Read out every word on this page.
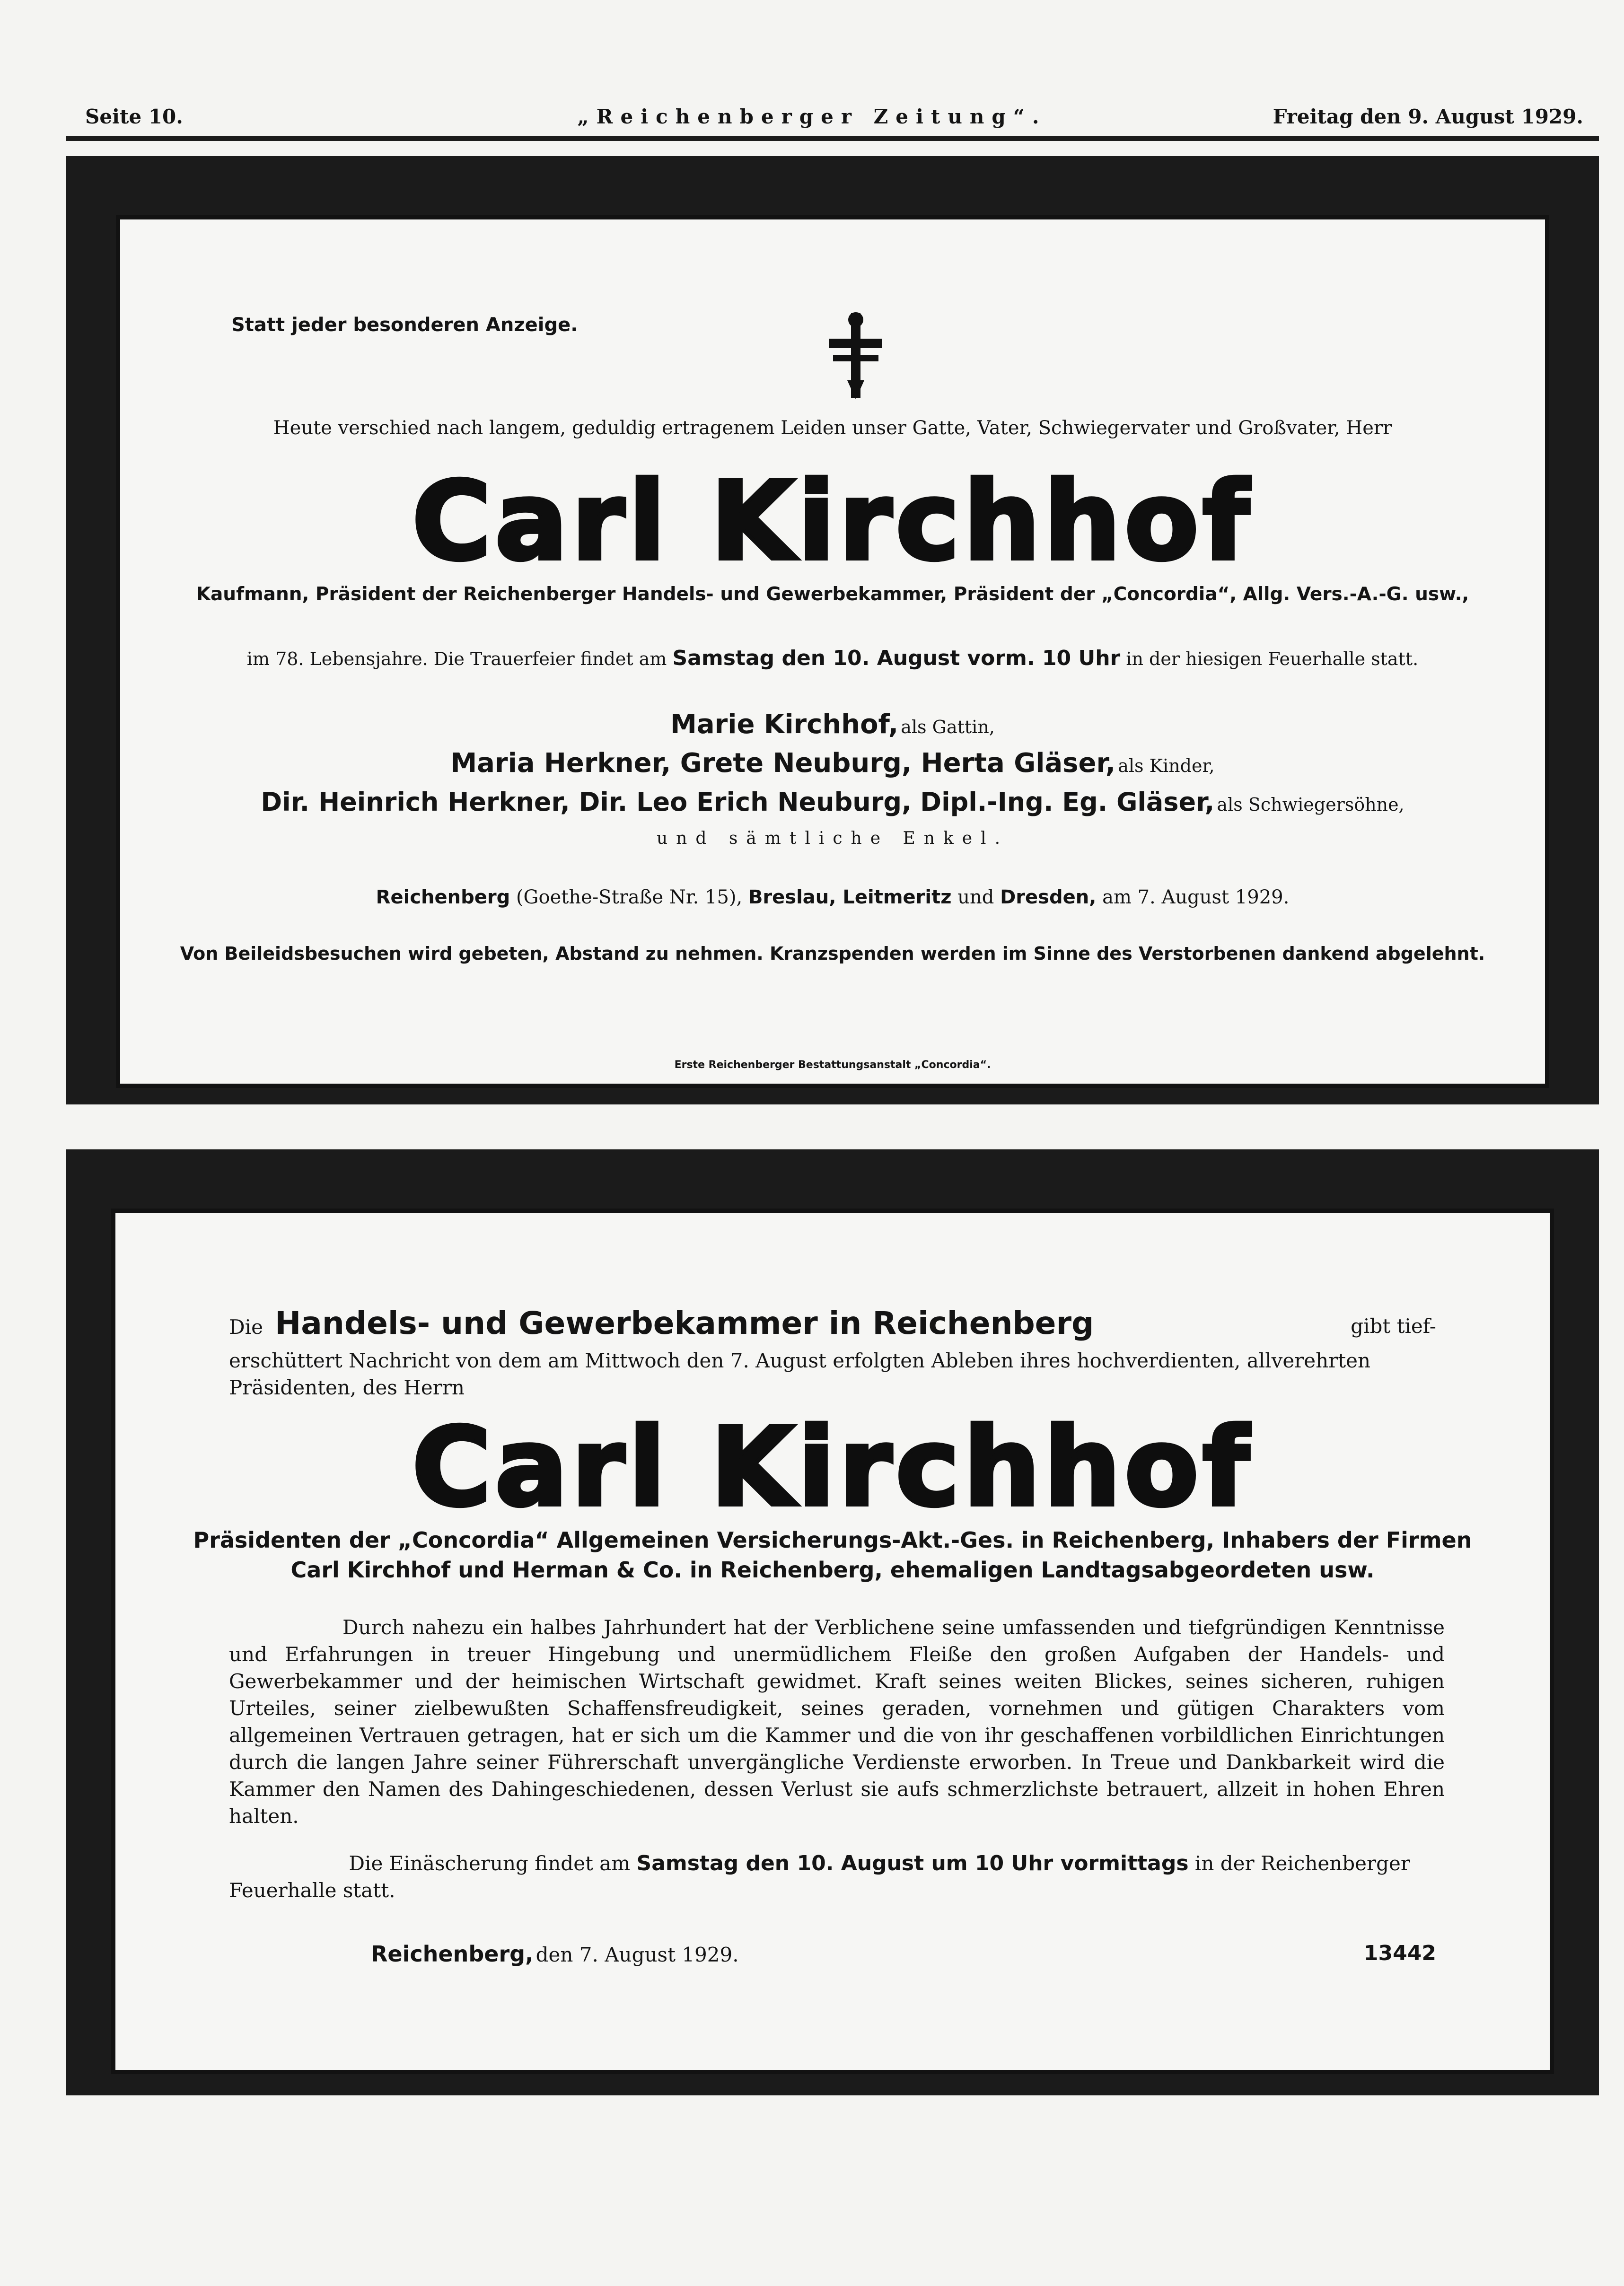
Seite 10.	„Reichenberger Zeitung“.	Freitag den 9. August 1929.
Statt jeder besonderen Anzeige.
Heute verschied nach langem, geduldig ertragenem Leiden unser Gatte, Vater, Schwiegervater und Großvater, Herr
Carl Kirchhof
Kaufmann, Präsident der Reichenberger Handels- und Gewerbekammer, Präsident der „Concordia“, Allg. Vers.-A.-G. usw.,
im 78. Lebensjahre. Die Trauerfeier findet am Samstag den 10. August vorm. 10 Uhr in der hiesigen Feuerhalle statt.
Marie Kirchhof, als Gattin,
Maria Herkner, Grete Neuburg, Herta Gläser, als Kinder,
Dir. Heinrich Herkner, Dir. Leo Erich Neuburg, Dipl.-Ing. Eg. Gläser, als Schwiegersöhne,
und sämtliche Enkel.
Reichenberg (Goethe-Straße Nr. 15), Breslau, Leitmeritz und Dresden, am 7. August 1929.
Von Beileidsbesuchen wird gebeten, Abstand zu nehmen. Kranzspenden werden im Sinne des Verstorbenen dankend abgelehnt.
Erste Reichenberger Bestattungsanstalt „Concordia“.
Die Handels- und Gewerbekammer in Reichenberg	gibt tief-
erschüttert Nachricht von dem am Mittwoch den 7. August erfolgten Ableben ihres hochverdienten, allverehrten
Präsidenten, des Herrn
Carl Kirchhof
Präsidenten der „Concordia“ Allgemeinen Versicherungs-Akt.-Ges. in Reichenberg, Inhabers der Firmen
Carl Kirchhof und Herman & Co. in Reichenberg, ehemaligen Landtagsabgeordeten usw.
Durch nahezu ein halbes Jahrhundert hat der Verblichene seine umfassenden und tiefgründigen Kenntnisse und Erfahrungen in treuer Hingebung und unermüdlichem Fleiße den großen Aufgaben der Handels- und Gewerbekammer und der heimischen Wirtschaft gewidmet. Kraft seines weiten Blickes, seines sicheren, ruhigen Urteiles, seiner zielbewußten Schaffensfreudigkeit, seines geraden, vornehmen und gütigen Charakters vom allgemeinen Vertrauen getragen, hat er sich um die Kammer und die von ihr geschaffenen vorbildlichen Einrichtungen durch die langen Jahre seiner Führerschaft unvergängliche Verdienste erworben. In Treue und Dankbarkeit wird die Kammer den Namen des Dahingeschiedenen, dessen Verlust sie aufs schmerzlichste betrauert, allzeit in hohen Ehren halten.
Die Einäscherung findet am Samstag den 10. August um 10 Uhr vormittags in der Reichenberger
Feuerhalle statt.
Reichenberg, den 7. August 1929.	13442
